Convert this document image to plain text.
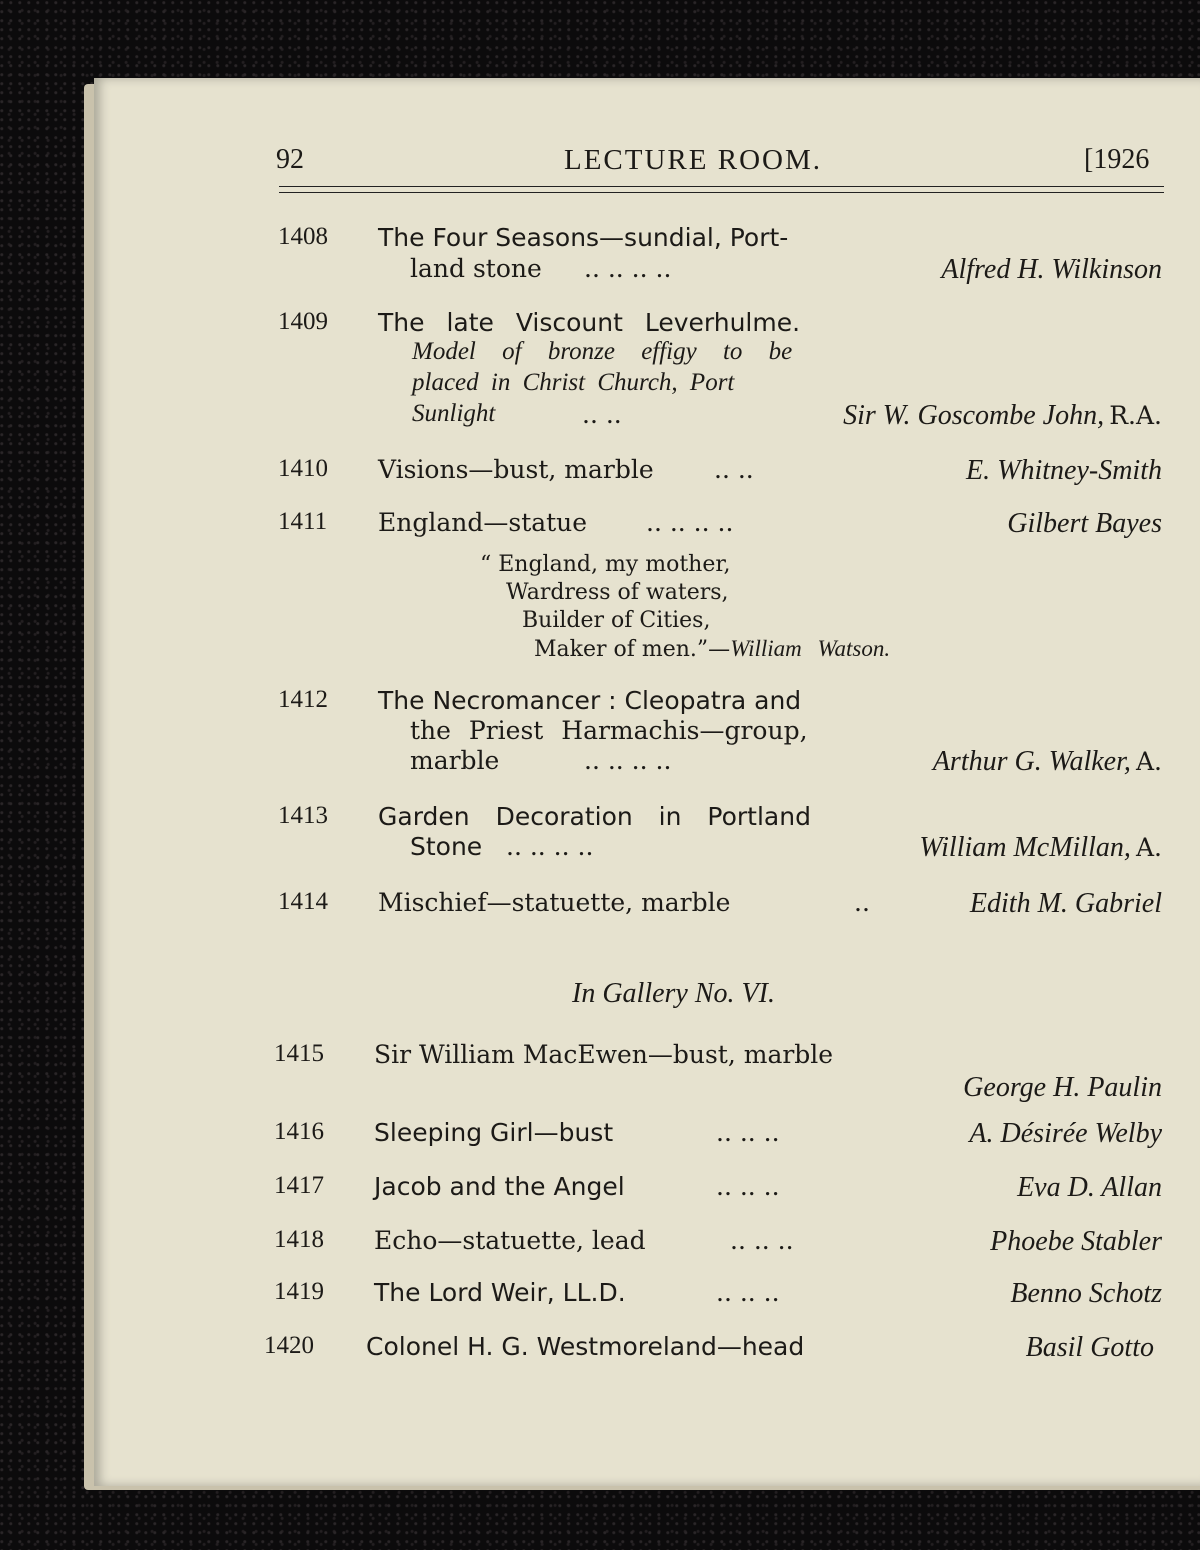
92	LECTURE ROOM.	[1926
1408 The Four Seasons—sundial, Port-
land stone .. .. .. ..	Alfred H. Wilkinson
1409 The late Viscount Leverhulme.
Model of bronze effigy to be
placed in Christ Church, Port
Sunlight	.. ..	Sir W. Goscombe John, R.A.
1410 Visions—bust, marble .. ..	E. Whitney-Smith
1411 England—statue .. .. .. ..	Gilbert Bayes
“ England, my mother,
Wardress of waters,
Builder of Cities,
Maker of men.”—William Watson.
1412 The Necromancer : Cleopatra and
the Priest Harmachis—group,
marble	.. .. .. ..	Arthur G. Walker, A.
1413 Garden Decoration in Portland
Stone .. .. .. ..	William McMillan, A.
1414 Mischief—statuette, marble	..	Edith M. Gabriel
In Gallery No. VI.
1415 Sir William MacEwen—bust, marble
George H. Paulin
1416 Sleeping Girl—bust	.. .. ..	A. Désirée Welby
1417 Jacob and the Angel	.. .. ..	Eva D. Allan
1418 Echo—statuette, lead	.. .. ..	Phoebe Stabler
1419 The Lord Weir, LL.D.	.. .. ..	Benno Schotz
1420 Colonel H. G. Westmoreland—head	Basil Gotto
